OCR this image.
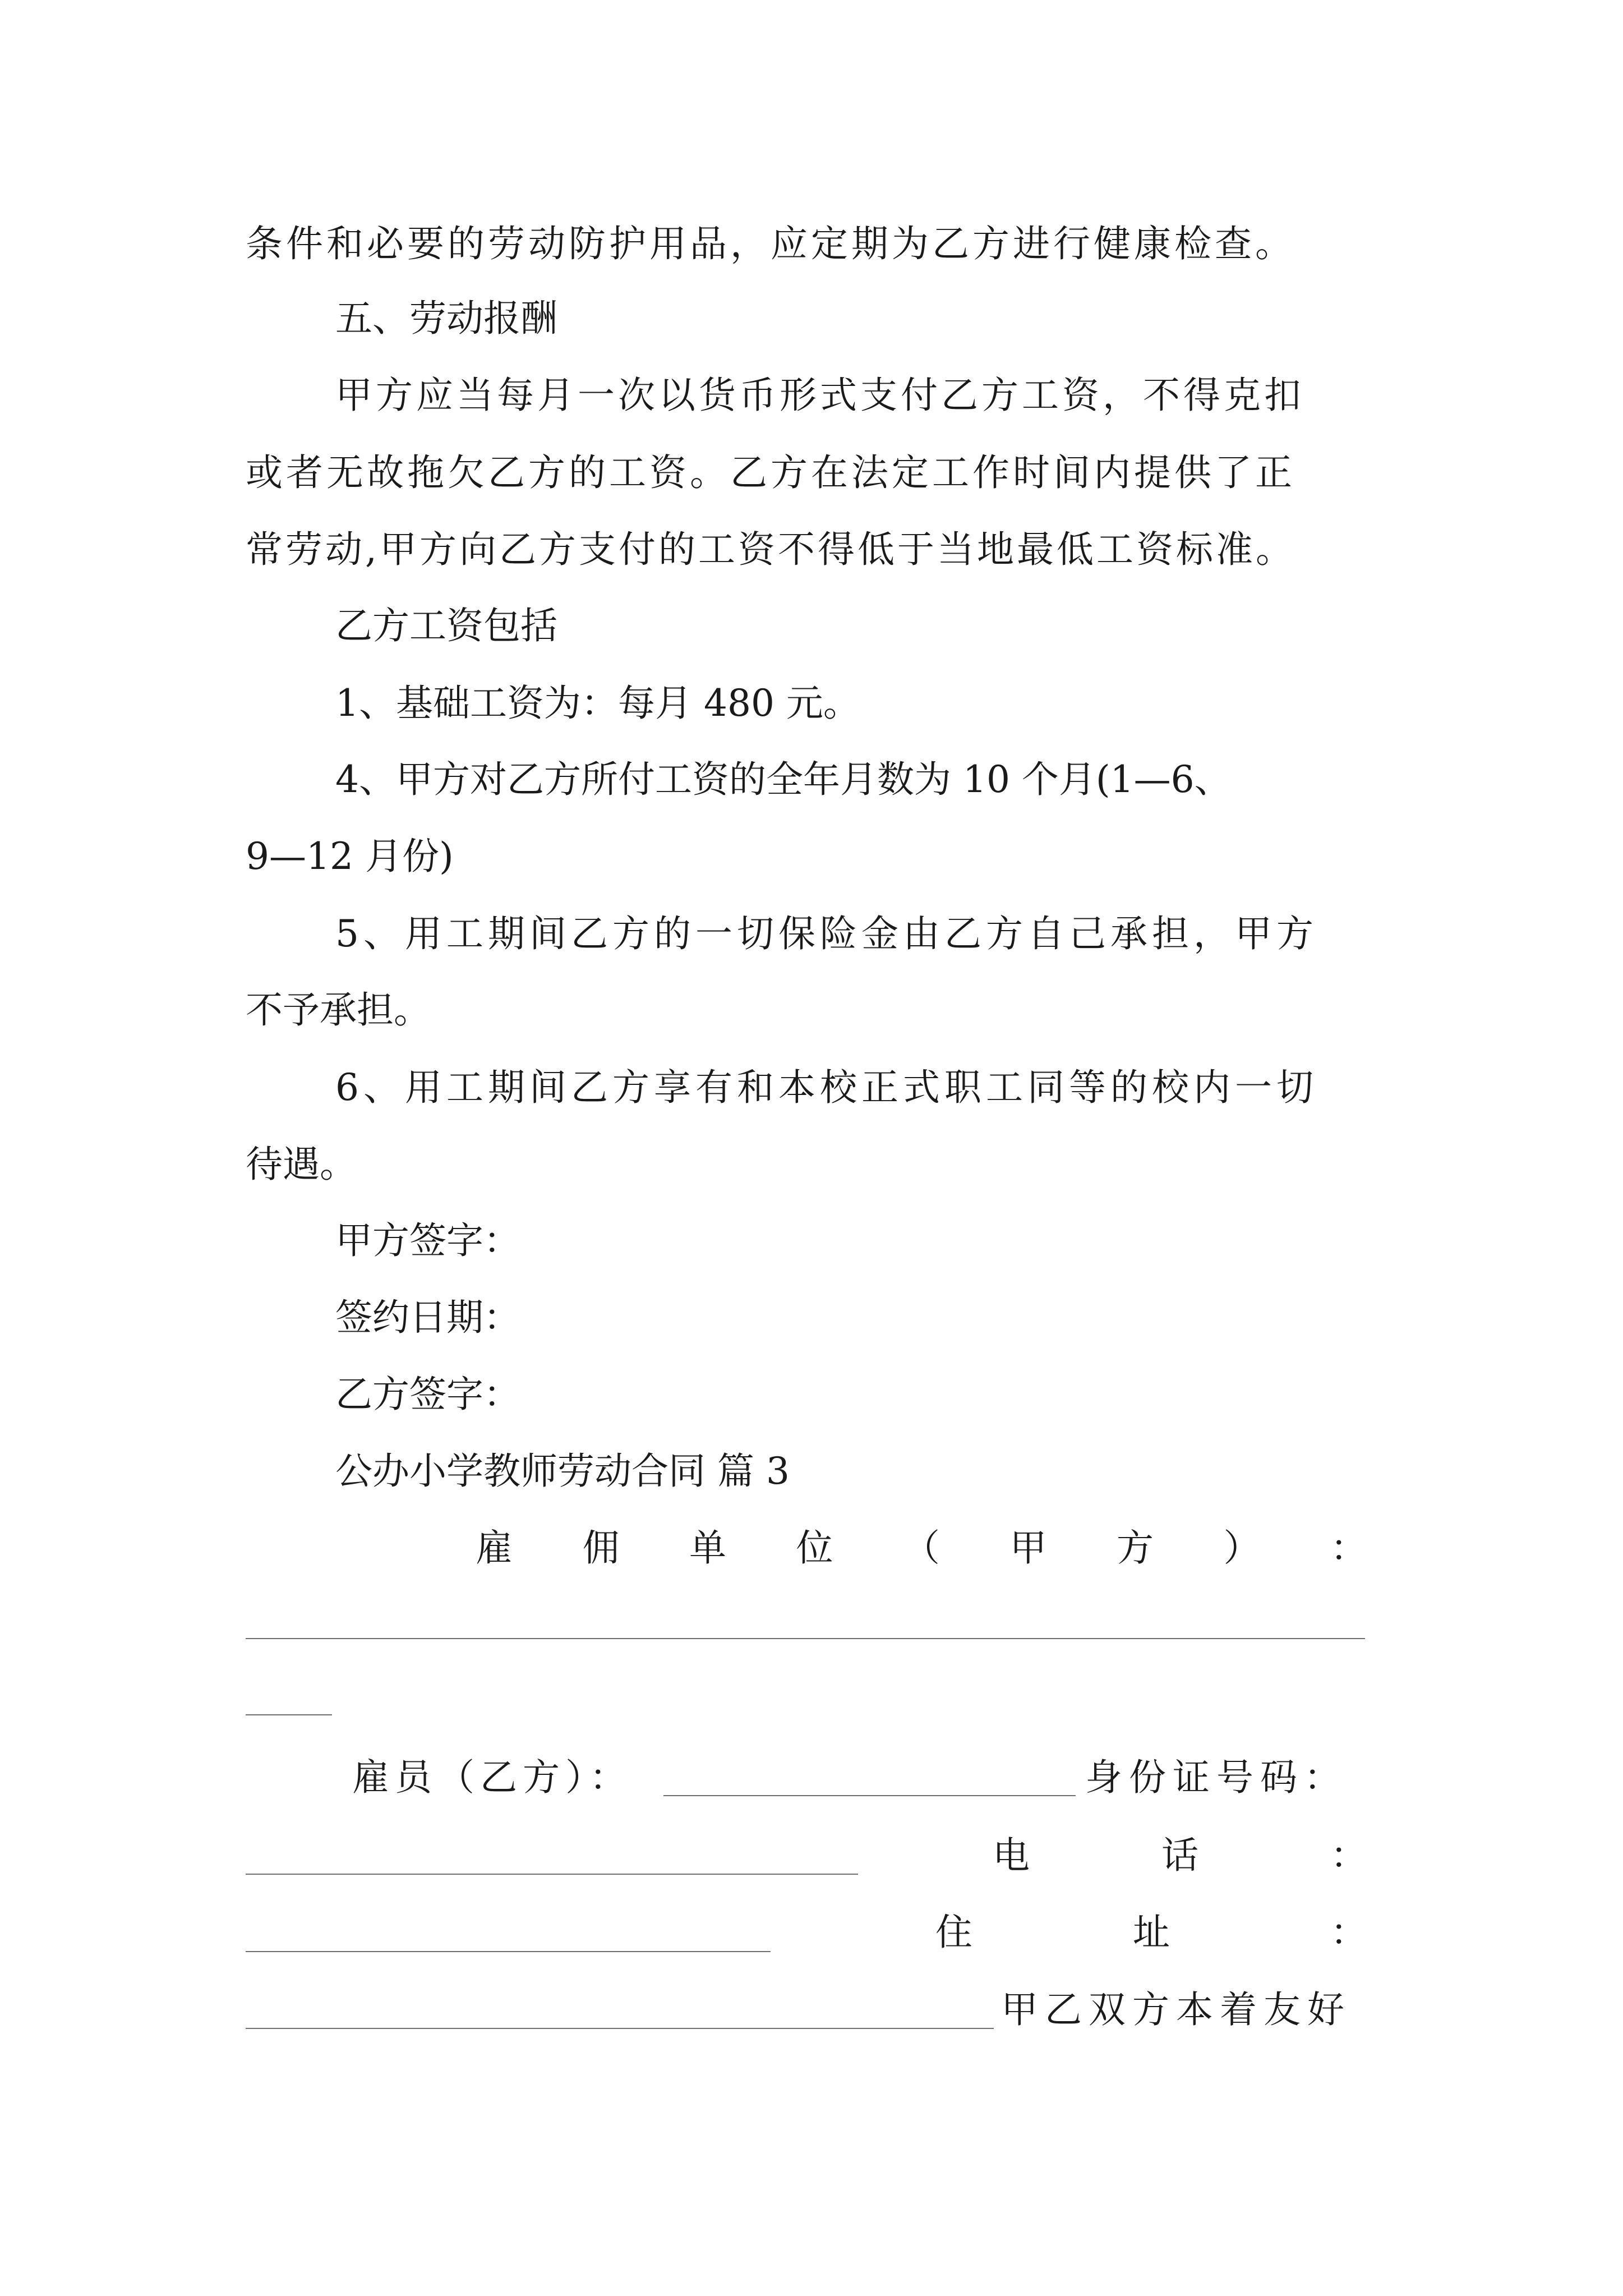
条件和必要的劳动防护用品，应定期为乙方进行健康检查。
五、劳动报酬
甲方应当每月一次以货币形式支付乙方工资，不得克扣
或者无故拖欠乙方的工资。乙方在法定工作时间内提供了正
常劳动,甲方向乙方支付的工资不得低于当地最低工资标准。
乙方工资包括
1、基础工资为：每月 480 元。
4、甲方对乙方所付工资的全年月数为 10 个月(1—6、
9—12 月份)
5、用工期间乙方的一切保险金由乙方自己承担，甲方
不予承担。
6、用工期间乙方享有和本校正式职工同等的校内一切
待遇。
甲方签字：
签约日期：
乙方签字：
公办小学教师劳动合同 篇 3
雇 佣 单 位 （ 甲 方 ） ：
雇员（乙方）：	身份证号码：
电	话	：
住	址	：
甲乙双方本着友好
